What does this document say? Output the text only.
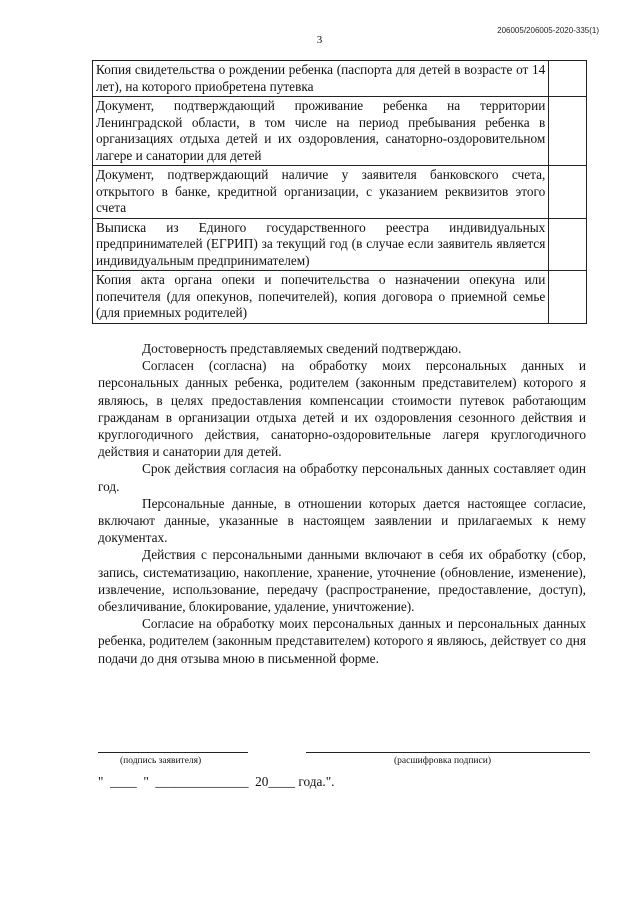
206005/206005-2020-335(1)
3
Копия свидетельства о рождении ребенка (паспорта для детей в возрасте от 14 лет), на которого приобретена путевка	
Документ, подтверждающий проживание ребенка на территории Ленинградской области, в том числе на период пребывания ребенка в организациях отдыха детей и их оздоровления, санаторно-оздоровительном лагере и санатории для детей	
Документ, подтверждающий наличие у заявителя банковского счета, открытого в банке, кредитной организации, с указанием реквизитов этого счета	
Выписка из Единого государственного реестра индивидуальных предпринимателей (ЕГРИП) за текущий год (в случае если заявитель является индивидуальным предпринимателем)	
Копия акта органа опеки и попечительства о назначении опекуна или попечителя (для опекунов, попечителей), копия договора о приемной семье (для приемных родителей)	

Достоверность представляемых сведений подтверждаю.

Согласен (согласна) на обработку моих персональных данных и персональных данных ребенка, родителем (законным представителем) которого я являюсь, в целях предоставления компенсации стоимости путевок работающим гражданам в организации отдыха детей и их оздоровления сезонного действия и круглогодичного действия, санаторно-оздоровительные лагеря круглогодичного действия и санатории для детей.

Срок действия согласия на обработку персональных данных составляет один год.

Персональные данные, в отношении которых дается настоящее согласие, включают данные, указанные в настоящем заявлении и прилагаемых к нему документах.

Действия с персональными данными включают в себя их обработку (сбор, запись, систематизацию, накопление, хранение, уточнение (обновление, изменение), извлечение, использование, передачу (распространение, предоставление, доступ), обезличивание, блокирование, удаление, уничтожение).

Согласие на обработку моих персональных данных и персональных данных ребенка, родителем (законным представителем) которого я являюсь, действует со дня подачи до дня отзыва мною в письменной форме.

(подпись заявителя)	(расшифровка подписи)
"  ____  "  ______________  20____ года.".
